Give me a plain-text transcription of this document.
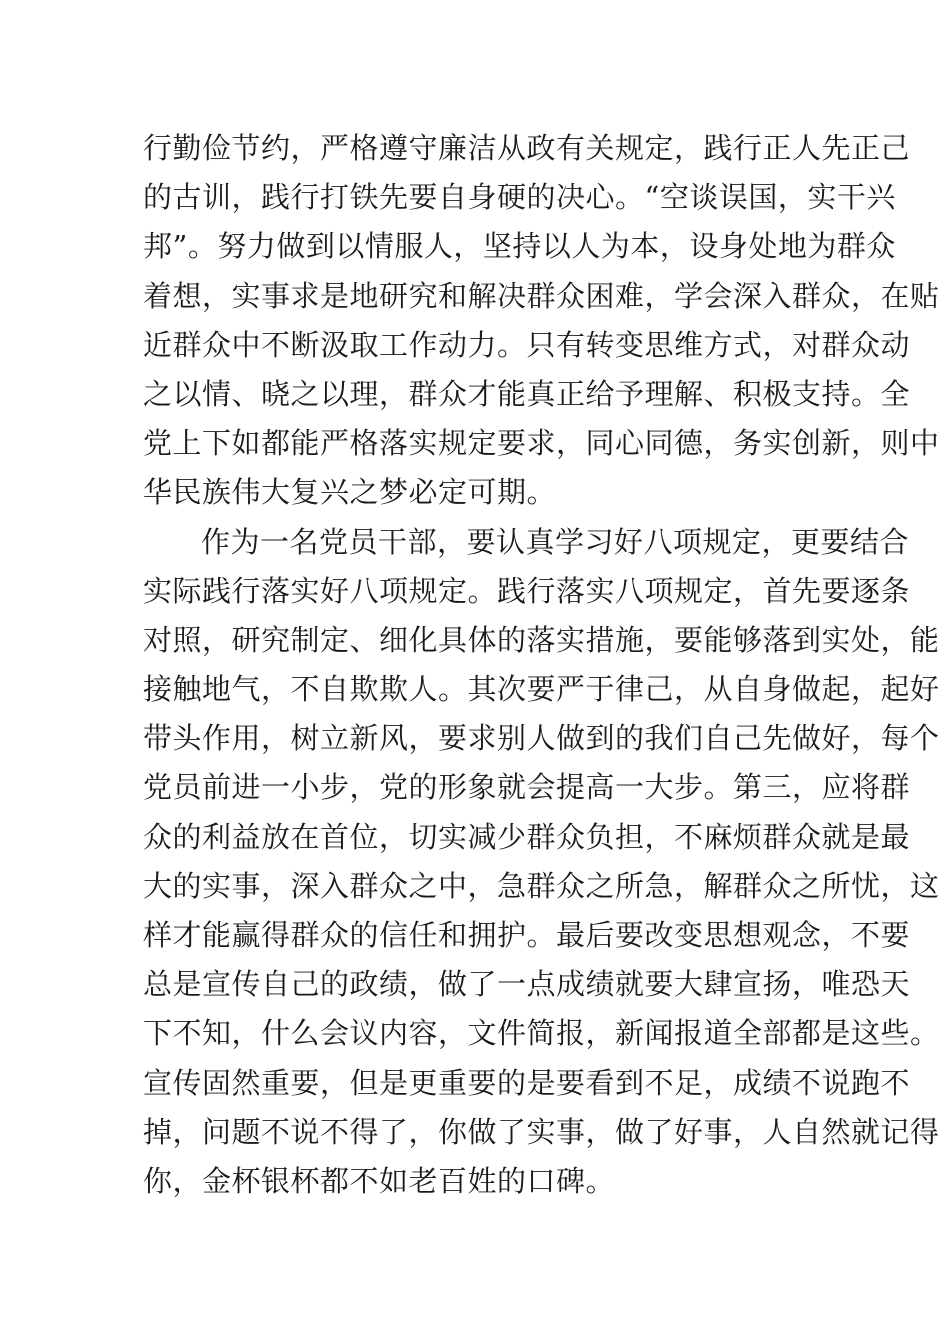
行勤俭节约，严格遵守廉洁从政有关规定，践行正人先正己
的古训，践行打铁先要自身硬的决心。“空谈误国，实干兴
邦”。努力做到以情服人，坚持以人为本，设身处地为群众
着想，实事求是地研究和解决群众困难，学会深入群众，在贴
近群众中不断汲取工作动力。只有转变思维方式，对群众动
之以情、晓之以理，群众才能真正给予理解、积极支持。全
党上下如都能严格落实规定要求，同心同德，务实创新，则中
华民族伟大复兴之梦必定可期。
作为一名党员干部，要认真学习好八项规定，更要结合
实际践行落实好八项规定。践行落实八项规定，首先要逐条
对照，研究制定、细化具体的落实措施，要能够落到实处，能
接触地气，不自欺欺人。其次要严于律己，从自身做起，起好
带头作用，树立新风，要求别人做到的我们自己先做好，每个
党员前进一小步，党的形象就会提高一大步。第三，应将群
众的利益放在首位，切实减少群众负担，不麻烦群众就是最
大的实事，深入群众之中，急群众之所急，解群众之所忧，这
样才能赢得群众的信任和拥护。最后要改变思想观念，不要
总是宣传自己的政绩，做了一点成绩就要大肆宣扬，唯恐天
下不知，什么会议内容，文件简报，新闻报道全部都是这些。
宣传固然重要，但是更重要的是要看到不足，成绩不说跑不
掉，问题不说不得了，你做了实事，做了好事，人自然就记得
你，金杯银杯都不如老百姓的口碑。
